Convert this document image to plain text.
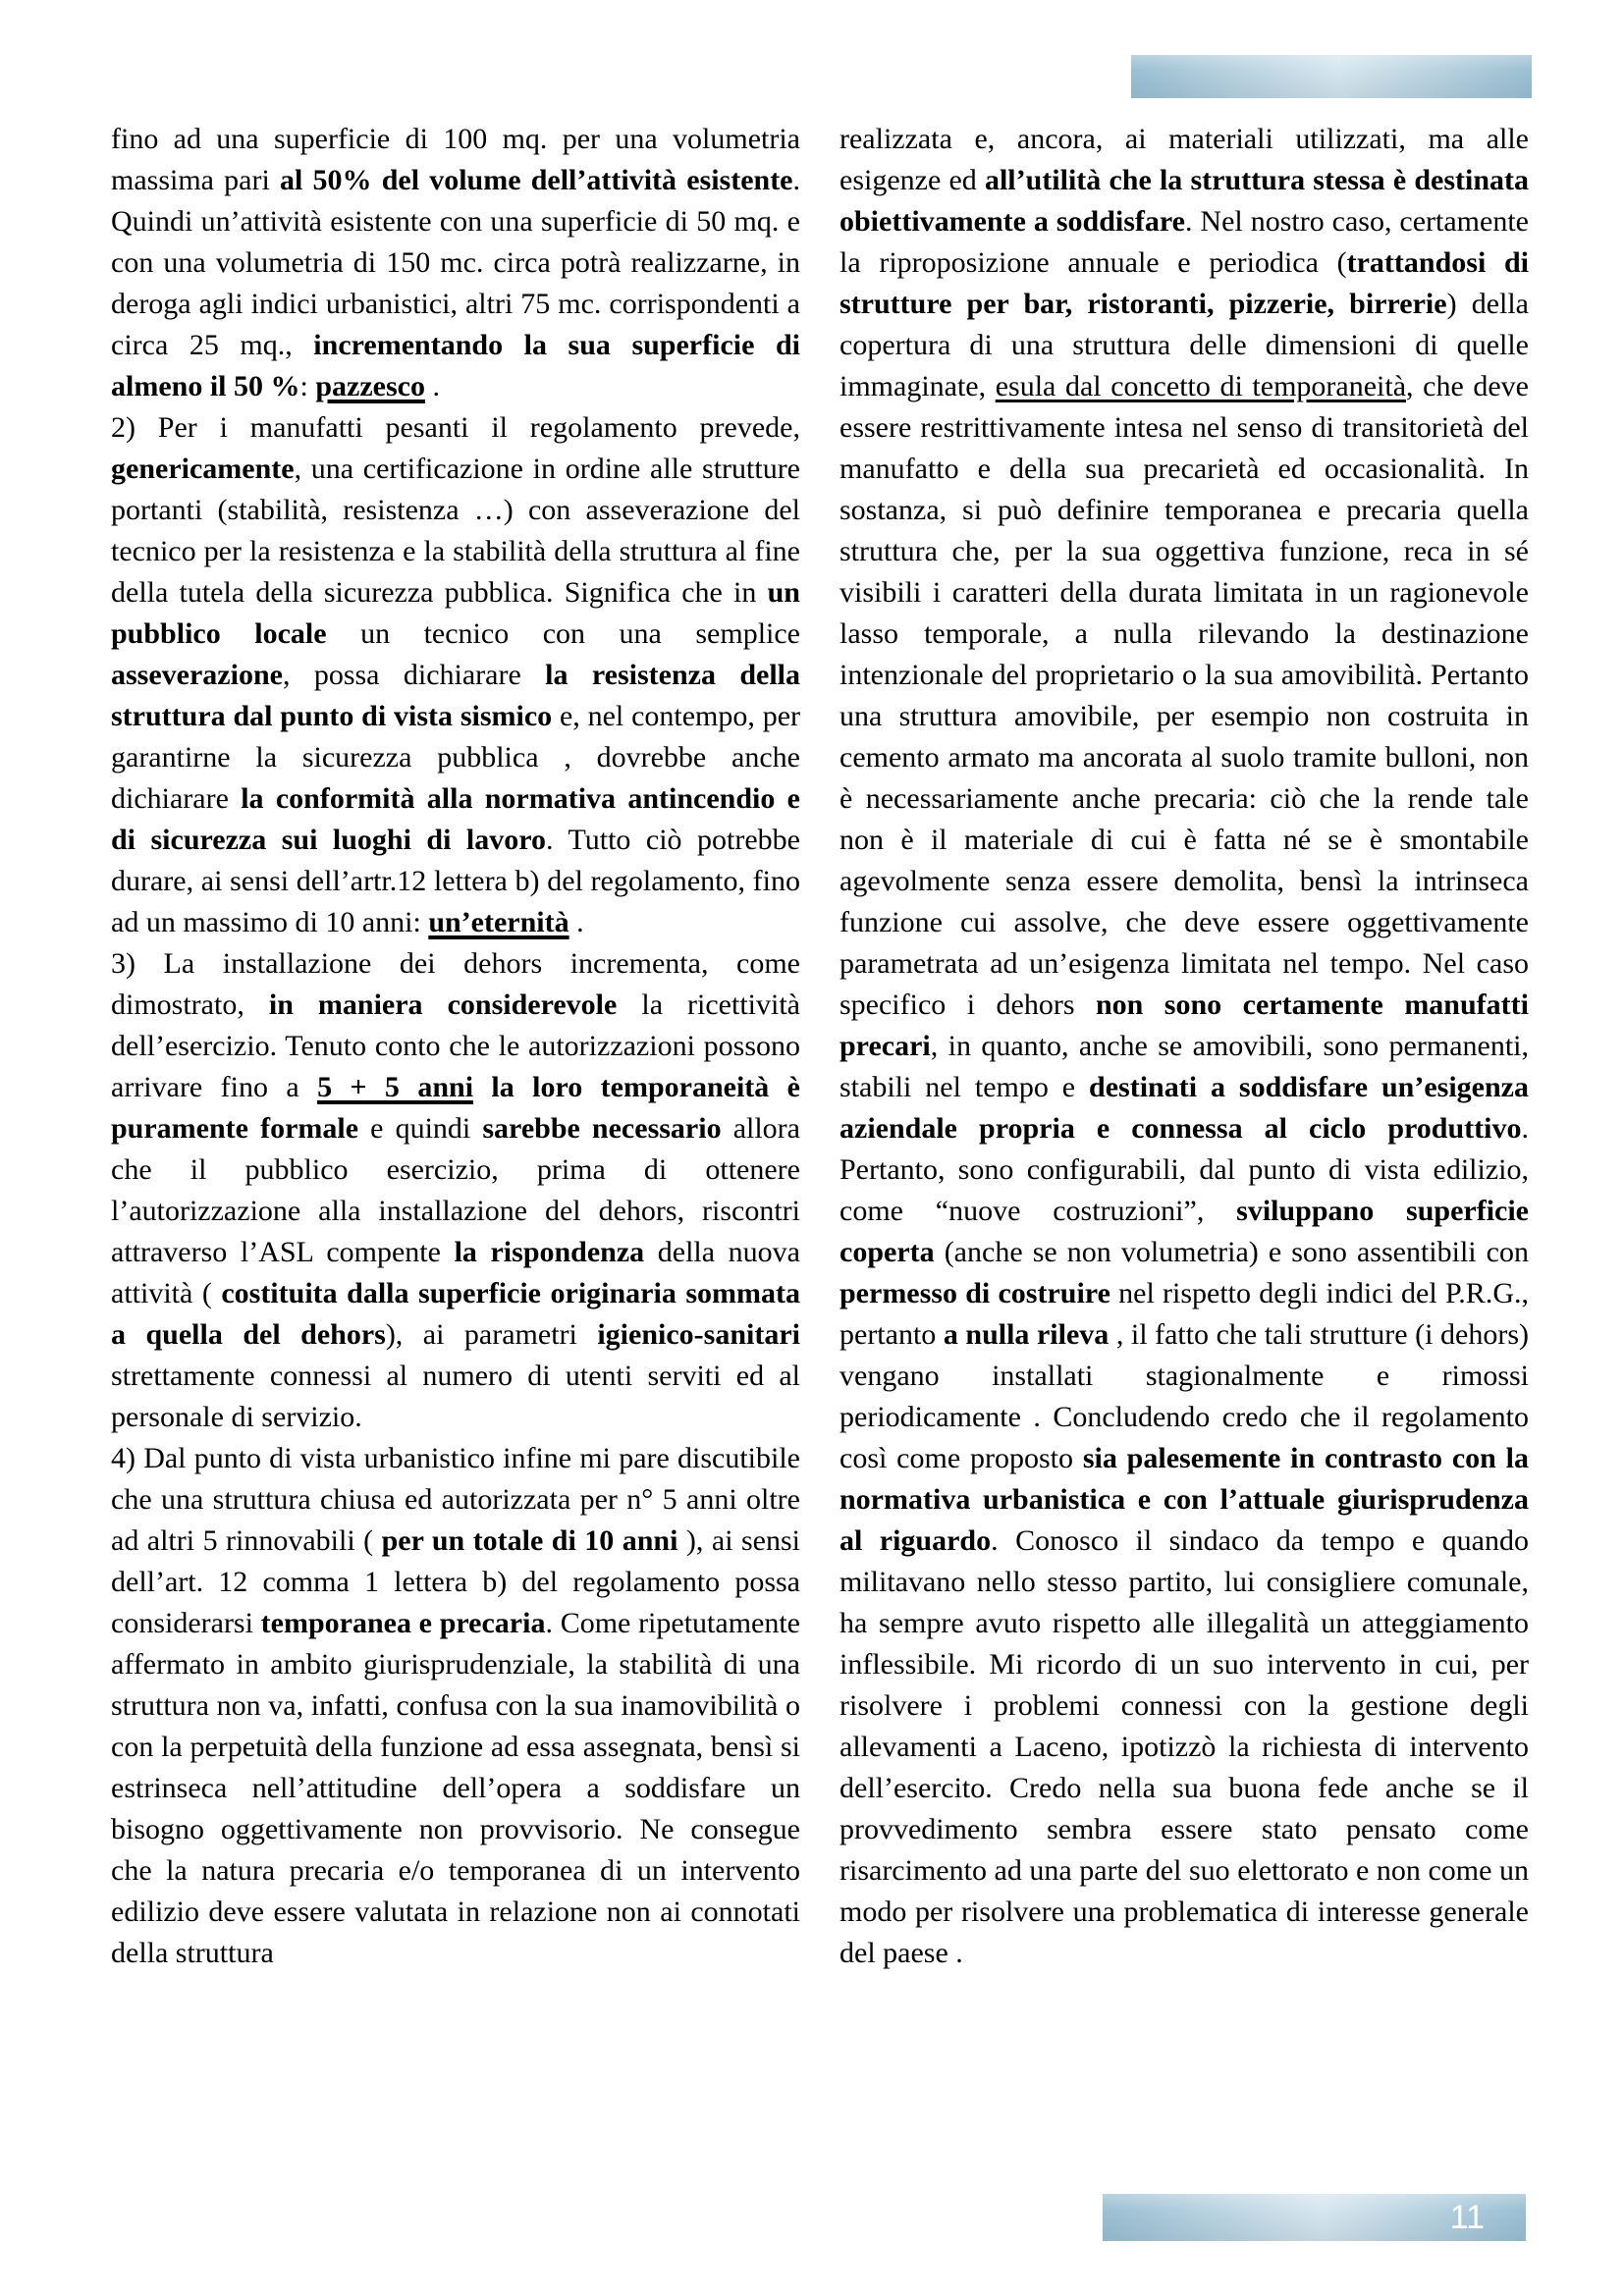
fino ad una superficie di 100 mq. per una volumetria massima pari al 50% del volume dell’attività esistente. Quindi un’attività esistente con una superficie di 50 mq. e con una volumetria di 150 mc. circa potrà realizzarne, in deroga agli indici urbanistici, altri 75 mc. corrispondenti a circa 25 mq., incrementando la sua superficie di almeno il 50 %: pazzesco .

2) Per i manufatti pesanti il regolamento prevede, genericamente, una certificazione in ordine alle strutture portanti (stabilità, resistenza …) con asseverazione del tecnico per la resistenza e la stabilità della struttura al fine della tutela della sicurezza pubblica. Significa che in un pubblico locale un tecnico con una semplice asseverazione, possa dichiarare la resistenza della struttura dal punto di vista sismico e, nel contempo, per garantirne la sicurezza pubblica , dovrebbe anche dichiarare la conformità alla normativa antincendio e di sicurezza sui luoghi di lavoro. Tutto ciò potrebbe durare, ai sensi dell’artr.12 lettera b) del regolamento, fino ad un massimo di 10 anni: un’eternità .

3) La installazione dei dehors incrementa, come dimostrato, in maniera considerevole la ricettività dell’esercizio. Tenuto conto che le autorizzazioni possono arrivare fino a 5 + 5 anni la loro temporaneità è puramente formale e quindi sarebbe necessario allora che il pubblico esercizio, prima di ottenere l’autorizzazione alla installazione del dehors, riscontri attraverso l’ASL compente la rispondenza della nuova attività ( costituita dalla superficie originaria sommata a quella del dehors), ai parametri igienico-sanitari strettamente connessi al numero di utenti serviti ed al personale di servizio.

4) Dal punto di vista urbanistico infine mi pare discutibile che una struttura chiusa ed autorizzata per n° 5 anni oltre ad altri 5 rinnovabili ( per un totale di 10 anni ), ai sensi dell’art. 12 comma 1 lettera b) del regolamento possa considerarsi temporanea e precaria. Come ripetutamente affermato in ambito giurisprudenziale, la stabilità di una struttura non va, infatti, confusa con la sua inamovibilità o con la perpetuità della funzione ad essa assegnata, bensì si estrinseca nell’attitudine dell’opera a soddisfare un bisogno oggettivamente non provvisorio. Ne consegue che la natura precaria e/o temporanea di un intervento edilizio deve essere valutata in relazione non ai connotati della struttura

realizzata e, ancora, ai materiali utilizzati, ma alle esigenze ed all’utilità che la struttura stessa è destinata obiettivamente a soddisfare. Nel nostro caso, certamente la riproposizione annuale e periodica (trattandosi di strutture per bar, ristoranti, pizzerie, birrerie) della copertura di una struttura delle dimensioni di quelle immaginate, esula dal concetto di temporaneità, che deve essere restrittivamente intesa nel senso di transitorietà del manufatto e della sua precarietà ed occasionalità. In sostanza, si può definire temporanea e precaria quella struttura che, per la sua oggettiva funzione, reca in sé visibili i caratteri della durata limitata in un ragionevole lasso temporale, a nulla rilevando la destinazione intenzionale del proprietario o la sua amovibilità. Pertanto una struttura amovibile, per esempio non costruita in cemento armato ma ancorata al suolo tramite bulloni, non è necessariamente anche precaria: ciò che la rende tale non è il materiale di cui è fatta né se è smontabile agevolmente senza essere demolita, bensì la intrinseca funzione cui assolve, che deve essere oggettivamente parametrata ad un’esigenza limitata nel tempo. Nel caso specifico i dehors non sono certamente manufatti precari, in quanto, anche se amovibili, sono permanenti, stabili nel tempo e destinati a soddisfare un’esigenza aziendale propria e connessa al ciclo produttivo. Pertanto, sono configurabili, dal punto di vista edilizio, come “nuove costruzioni”, sviluppano superficie coperta (anche se non volumetria) e sono assentibili con permesso di costruire nel rispetto degli indici del P.R.G., pertanto a nulla rileva , il fatto che tali strutture (i dehors) vengano installati stagionalmente e rimossi periodicamente . Concludendo credo che il regolamento così come proposto sia palesemente in contrasto con la normativa urbanistica e con l’attuale giurisprudenza al riguardo. Conosco il sindaco da tempo e quando militavano nello stesso partito, lui consigliere comunale, ha sempre avuto rispetto alle illegalità un atteggiamento inflessibile. Mi ricordo di un suo intervento in cui, per risolvere i problemi connessi con la gestione degli allevamenti a Laceno, ipotizzò la richiesta di intervento dell’esercito. Credo nella sua buona fede anche se il provvedimento sembra essere stato pensato come risarcimento ad una parte del suo elettorato e non come un modo per risolvere una problematica di interesse generale del paese .

11
